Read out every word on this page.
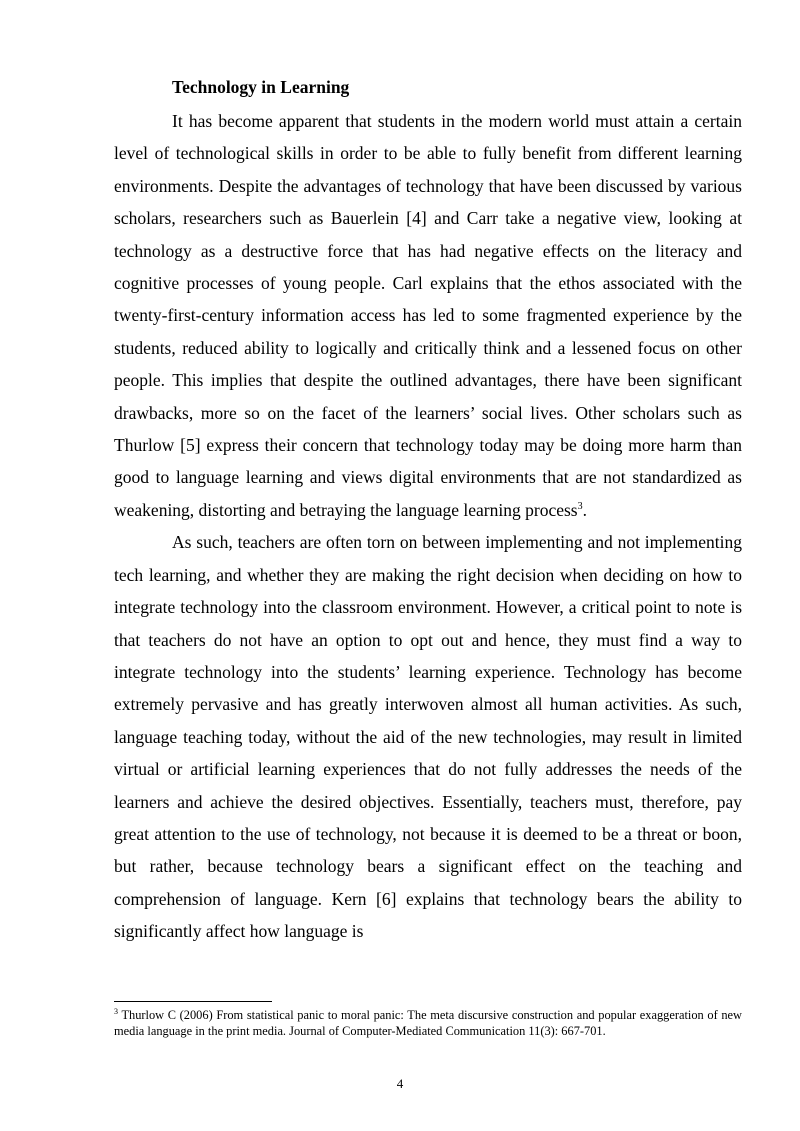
Technology in Learning

It has become apparent that students in the modern world must attain a certain level of technological skills in order to be able to fully benefit from different learning environments. Despite the advantages of technology that have been discussed by various scholars, researchers such as Bauerlein [4] and Carr take a negative view, looking at technology as a destructive force that has had negative effects on the literacy and cognitive processes of young people. Carl explains that the ethos associated with the twenty-first-century information access has led to some fragmented experience by the students, reduced ability to logically and critically think and a lessened focus on other people. This implies that despite the outlined advantages, there have been significant drawbacks, more so on the facet of the learners’ social lives. Other scholars such as Thurlow [5] express their concern that technology today may be doing more harm than good to language learning and views digital environments that are not standardized as weakening, distorting and betraying the language learning process$^3$.

As such, teachers are often torn on between implementing and not implementing tech learning, and whether they are making the right decision when deciding on how to integrate technology into the classroom environment. However, a critical point to note is that teachers do not have an option to opt out and hence, they must find a way to integrate technology into the students’ learning experience. Technology has become extremely pervasive and has greatly interwoven almost all human activities. As such, language teaching today, without the aid of the new technologies, may result in limited virtual or artificial learning experiences that do not fully addresses the needs of the learners and achieve the desired objectives. Essentially, teachers must, therefore, pay great attention to the use of technology, not because it is deemed to be a threat or boon, but rather, because technology bears a significant effect on the teaching and comprehension of language. Kern [6] explains that technology bears the ability to significantly affect how language is

$^3$ Thurlow C (2006) From statistical panic to moral panic: The meta discursive construction and popular exaggeration of new media language in the print media. Journal of Computer-Mediated Communication 11(3): 667-701.

4
